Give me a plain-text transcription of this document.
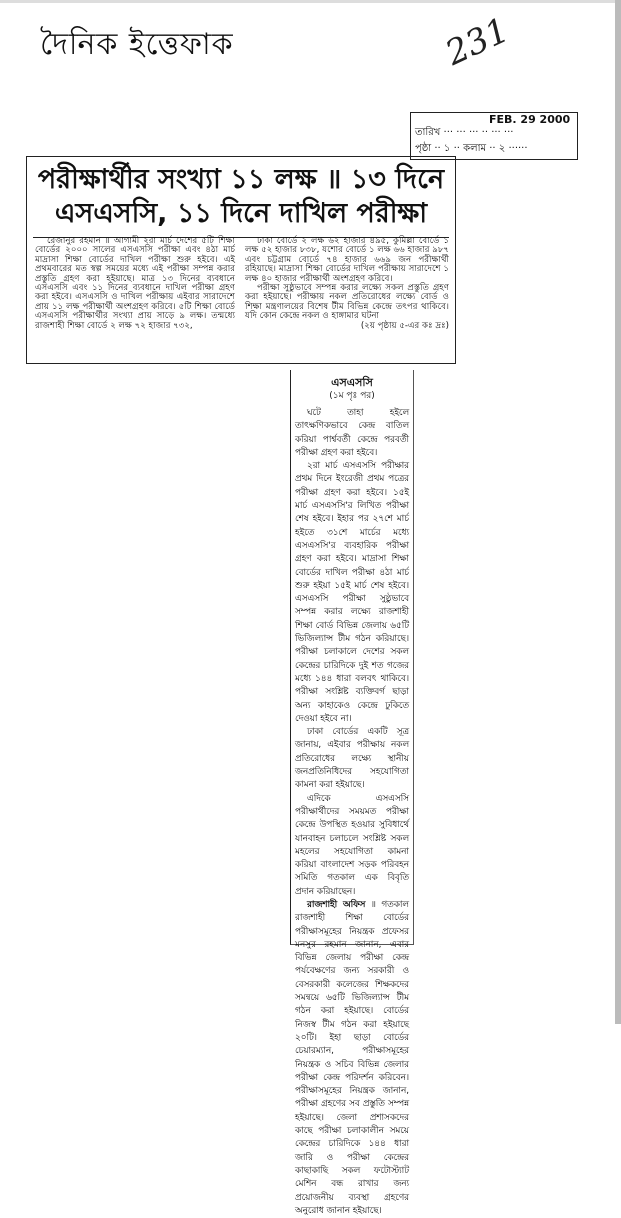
দৈনিক ইত্তেফাক	231
FEB. 29 2000
তারিখ ··· ··· ··· ·· ··· ···
পৃষ্ঠা ·· ১ ·· কলাম ·· ২ ······
পরীক্ষার্থীর সংখ্যা ১১ লক্ষ ॥ ১৩ দিনে
এসএসসি, ১১ দিনে দাখিল পরীক্ষা

রেজানুর রহমান ॥ আগামী ২রা মার্চ দেশের ৫টি শিক্ষা বোর্ডের ২০০০ সালের এসএসসি পরীক্ষা এবং ৪ঠা মার্চ মাদ্রাসা শিক্ষা বোর্ডের দাখিল পরীক্ষা শুরু হইবে। এই প্রথমবারের মত স্বল্প সময়ের মধ্যে এই পরীক্ষা সম্পন্ন করার প্রস্তুতি গ্রহণ করা হইয়াছে। মাত্র ১৩ দিনের ব্যবধানে এসএসসি এবং ১১ দিনের ব্যবধানে দাখিল পরীক্ষা গ্রহণ করা হইবে। এসএসসি ও দাখিল পরীক্ষায় এইবার সারাদেশে প্রায় ১১ লক্ষ পরীক্ষার্থী অংশগ্রহণ করিবে। ৫টি শিক্ষা বোর্ডে এসএসসি পরীক্ষার্থীর সংখ্যা প্রায় সাড়ে ৯ লক্ষ। তন্মধ্যে রাজশাহী শিক্ষা বোর্ডে ২ লক্ষ ৭২ হাজার ৭৩২,

ঢাকা বোর্ডে ২ লক্ষ ৬২ হাজার ৪৯৫, কুমিল্লা বোর্ডে ১ লক্ষ ৫২ হাজার ৮৩৮, যশোর বোর্ডে ১ লক্ষ ৬৬ হাজার ৯৮৭ এবং চট্টগ্রাম বোর্ডে ৭৪ হাজার ৬৬৯ জন পরীক্ষার্থী রহিয়াছে। মাদ্রাসা শিক্ষা বোর্ডের দাখিল পরীক্ষায় সারাদেশে ১ লক্ষ ৪০ হাজার পরীক্ষার্থী অংশগ্রহণ করিবে।

পরীক্ষা সুষ্ঠুভাবে সম্পন্ন করার লক্ষ্যে সকল প্রস্তুতি গ্রহণ করা হইয়াছে। পরীক্ষায় নকল প্রতিরোধের লক্ষ্যে বোর্ড ও শিক্ষা মন্ত্রণালয়ের বিশেষ টীম বিভিন্ন কেন্দ্রে তৎপর থাকিবে। যদি কোন কেন্দ্রে নকল ও হাঙ্গামার ঘটনা

(২য় পৃষ্ঠায় ৫-এর কঃ দ্রঃ)
এসএসসি
(১ম পৃঃ পর)

ঘটে তাহা হইলে তাৎক্ষণিকভাবে কেন্দ্র বাতিল করিয়া পার্শ্ববর্তী কেন্দ্রে পরবর্তী পরীক্ষা গ্রহণ করা হইবে।

২রা মার্চ এসএসসি পরীক্ষার প্রথম দিনে ইংরেজী প্রথম পত্রের পরীক্ষা গ্রহণ করা হইবে। ১৫ই মার্চ এসএসসি'র লিখিত পরীক্ষা শেষ হইবে। ইহার পর ২৭শে মার্চ হইতে ৩১শে মার্চের মধ্যে এসএসসি'র ব্যবহারিক পরীক্ষা গ্রহণ করা হইবে। মাদ্রাসা শিক্ষা বোর্ডের দাখিল পরীক্ষা ৪ঠা মার্চ শুরু হইয়া ১৫ই মার্চ শেষ হইবে। এসএসসি পরীক্ষা সুষ্ঠুভাবে সম্পন্ন করার লক্ষ্যে রাজশাহী শিক্ষা বোর্ড বিভিন্ন জেলায় ৬৫টি ভিজিল্যান্স টীম গঠন করিয়াছে। পরীক্ষা চলাকালে দেশের সকল কেন্দ্রের চারিদিকে দুই শত গজের মধ্যে ১৪৪ ধারা বলবৎ থাকিবে। পরীক্ষা সংশ্লিষ্ট ব্যক্তিবর্গ ছাড়া অন্য কাহাকেও কেন্দ্রে ঢুকিতে দেওয়া হইবে না।

ঢাকা বোর্ডের একটি সূত্র জানায়, এইবার পরীক্ষায় নকল প্রতিরোধের লক্ষ্যে স্থানীয় জনপ্রতিনিধিদের সহযোগিতা কামনা করা হইয়াছে।

এদিকে এসএসসি পরীক্ষার্থীদের সময়মত পরীক্ষা কেন্দ্রে উপস্থিত হওয়ার সুবিধার্থে যানবাহন চলাচলে সংশ্লিষ্ট সকল মহলের সহযোগিতা কামনা করিয়া বাংলাদেশ সড়ক পরিবহন সমিতি গতকাল এক বিবৃতি প্রদান করিয়াছেন।

রাজশাহী অফিস ॥ গতকাল রাজশাহী শিক্ষা বোর্ডের পরীক্ষাসমূহের নিয়ন্ত্রক প্রফেসর মনসুর রহমান জানান, এবার বিভিন্ন জেলায় পরীক্ষা কেন্দ্র পর্যবেক্ষণের জন্য সরকারী ও বেসরকারী কলেজের শিক্ষকদের সমন্বয়ে ৬৫টি ভিজিল্যান্স টীম গঠন করা হইয়াছে। বোর্ডের নিজস্ব টীম গঠন করা হইয়াছে ২০টি। ইহা ছাড়া বোর্ডের চেয়ারম্যান, পরীক্ষাসমূহের নিয়ন্ত্রক ও সচিব বিভিন্ন জেলার পরীক্ষা কেন্দ্র পরিদর্শন করিবেন। পরীক্ষাসমূহের নিয়ন্ত্রক জানান, পরীক্ষা গ্রহণের সব প্রস্তুতি সম্পন্ন হইয়াছে। জেলা প্রশাসকদের কাছে পরীক্ষা চলাকালীন সময়ে কেন্দ্রের চারিদিকে ১৪৪ ধারা জারি ও পরীক্ষা কেন্দ্রের কাছাকাছি সকল ফটোস্ট্যাট মেশিন বন্ধ রাখার জন্য প্রয়োজনীয় ব্যবস্থা গ্রহণের অনুরোধ জানান হইয়াছে।
